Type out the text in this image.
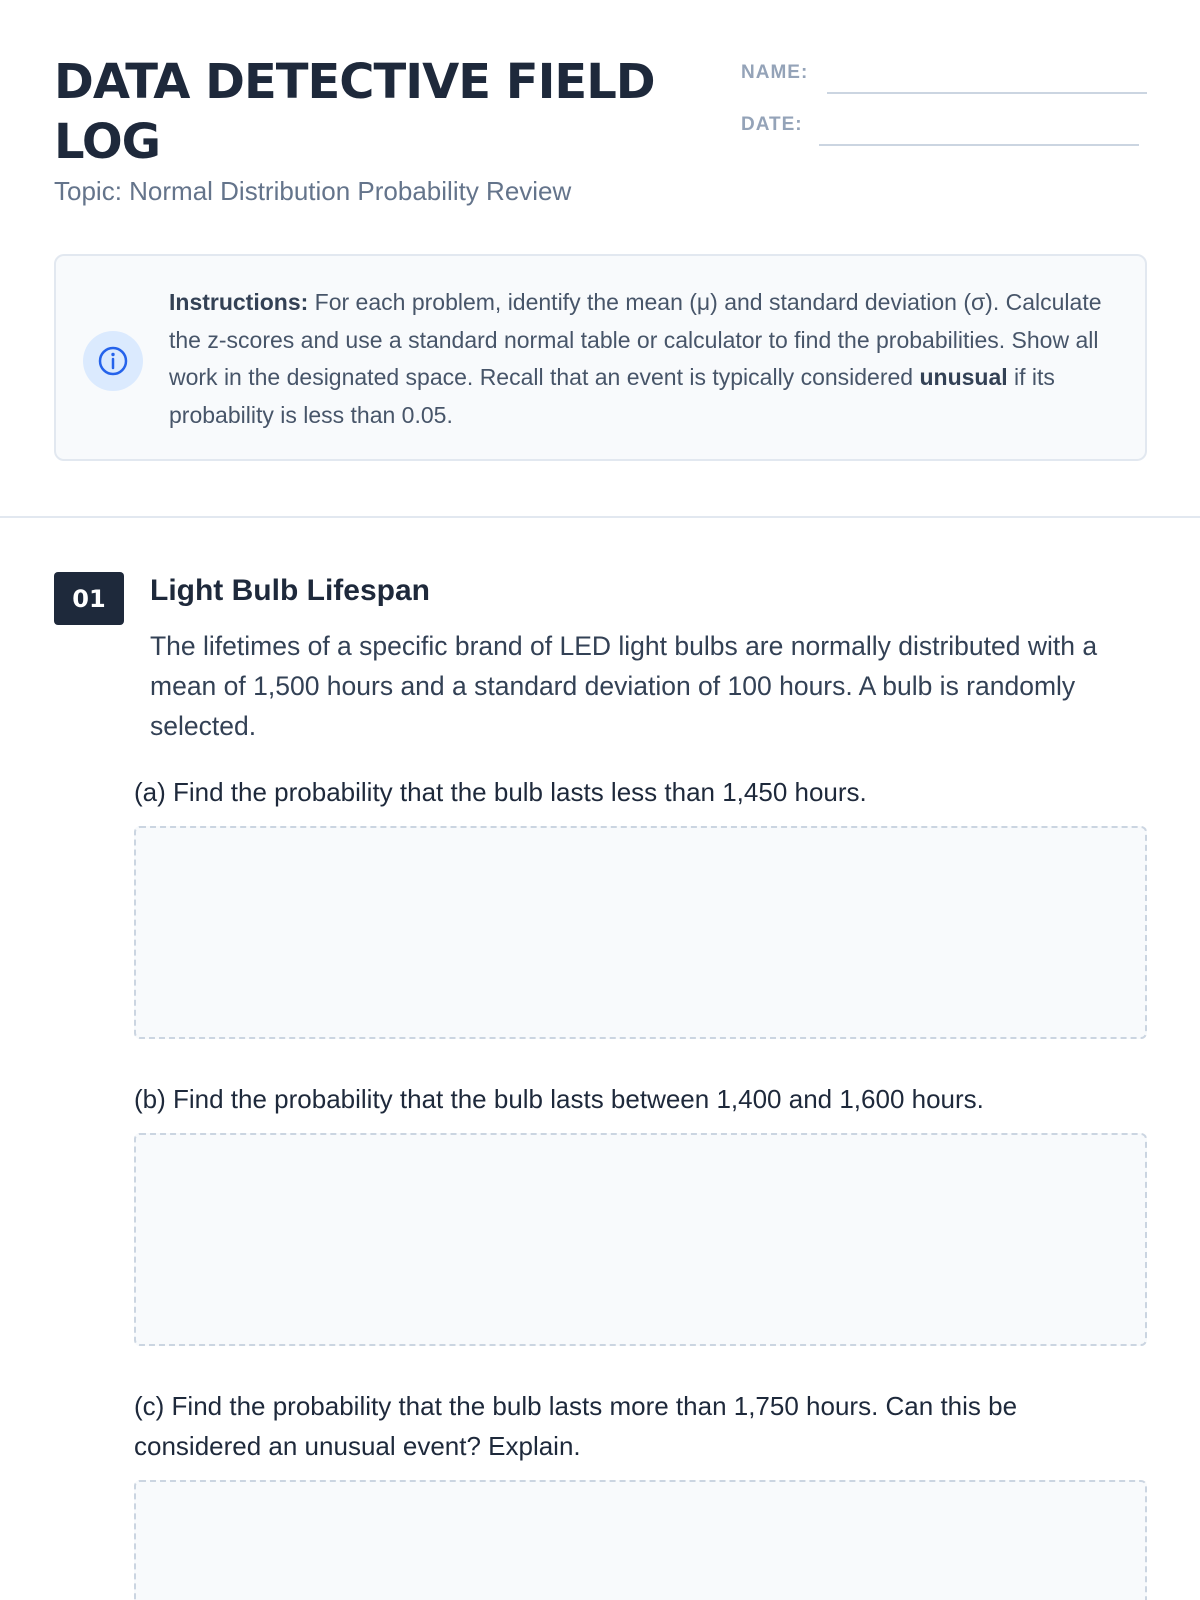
DATA DETECTIVE FIELD LOG
Topic: Normal Distribution Probability Review
NAME:
DATE:

Instructions: For each problem, identify the mean (μ) and standard deviation (σ). Calculate the z-scores and use a standard normal table or calculator to find the probabilities. Show all work in the designated space. Recall that an event is typically considered unusual if its probability is less than 0.05.

01	Light Bulb Lifespan

The lifetimes of a specific brand of LED light bulbs are normally distributed with a mean of 1,500 hours and a standard deviation of 100 hours. A bulb is randomly selected.

(a) Find the probability that the bulb lasts less than 1,450 hours.
(b) Find the probability that the bulb lasts between 1,400 and 1,600 hours.
(c) Find the probability that the bulb lasts more than 1,750 hours. Can this be considered an unusual event? Explain.
